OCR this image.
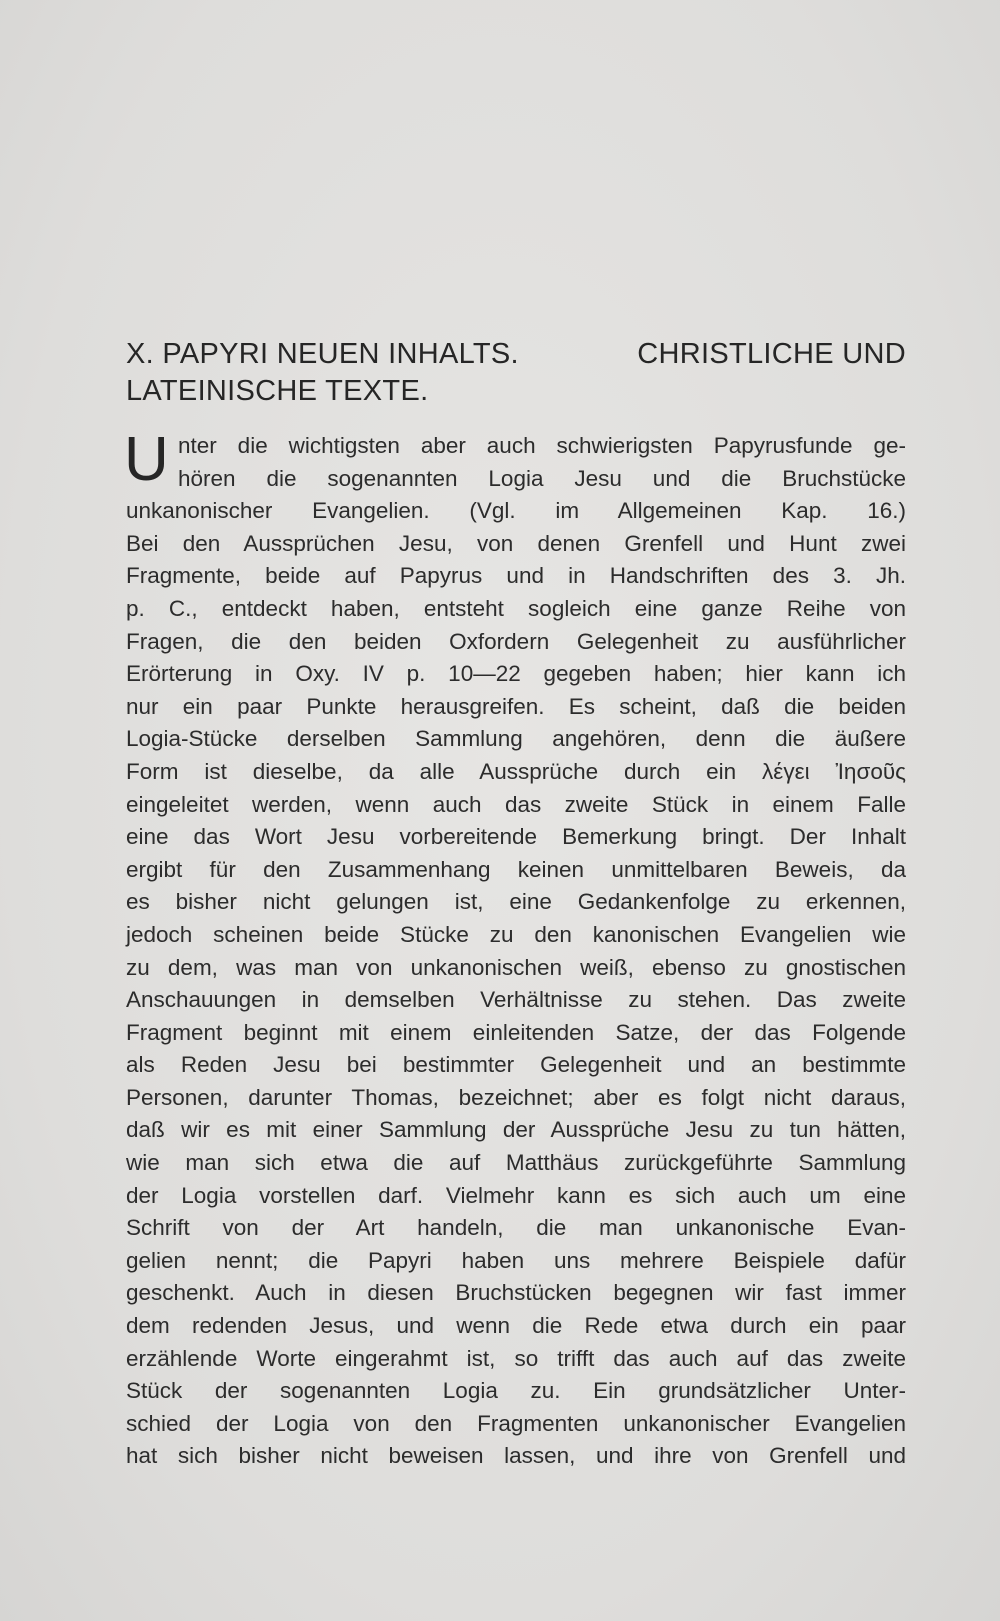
X. PAPYRI NEUEN INHALTS.	CHRISTLICHE UND
LATEINISCHE TEXTE.
U nter die wichtigsten aber auch schwierigsten Papyrusfunde ge-
hören die sogenannten Logia Jesu und die Bruchstücke
unkanonischer Evangelien. (Vgl. im Allgemeinen Kap. 16.)
Bei den Aussprüchen Jesu, von denen Grenfell und Hunt zwei
Fragmente, beide auf Papyrus und in Handschriften des 3. Jh.
p. C., entdeckt haben, entsteht sogleich eine ganze Reihe von
Fragen, die den beiden Oxfordern Gelegenheit zu ausführlicher
Erörterung in Oxy. IV p. 10—22 gegeben haben; hier kann ich
nur ein paar Punkte herausgreifen. Es scheint, daß die beiden
Logia-Stücke derselben Sammlung angehören, denn die äußere
Form ist dieselbe, da alle Aussprüche durch ein λέγει Ἰησοῦς
eingeleitet werden, wenn auch das zweite Stück in einem Falle
eine das Wort Jesu vorbereitende Bemerkung bringt. Der Inhalt
ergibt für den Zusammenhang keinen unmittelbaren Beweis, da
es bisher nicht gelungen ist, eine Gedankenfolge zu erkennen,
jedoch scheinen beide Stücke zu den kanonischen Evangelien wie
zu dem, was man von unkanonischen weiß, ebenso zu gnostischen
Anschauungen in demselben Verhältnisse zu stehen. Das zweite
Fragment beginnt mit einem einleitenden Satze, der das Folgende
als Reden Jesu bei bestimmter Gelegenheit und an bestimmte
Personen, darunter Thomas, bezeichnet; aber es folgt nicht daraus,
daß wir es mit einer Sammlung der Aussprüche Jesu zu tun hätten,
wie man sich etwa die auf Matthäus zurückgeführte Sammlung
der Logia vorstellen darf. Vielmehr kann es sich auch um eine
Schrift von der Art handeln, die man unkanonische Evan-
gelien nennt; die Papyri haben uns mehrere Beispiele dafür
geschenkt. Auch in diesen Bruchstücken begegnen wir fast immer
dem redenden Jesus, und wenn die Rede etwa durch ein paar
erzählende Worte eingerahmt ist, so trifft das auch auf das zweite
Stück der sogenannten Logia zu. Ein grundsätzlicher Unter-
schied der Logia von den Fragmenten unkanonischer Evangelien
hat sich bisher nicht beweisen lassen, und ihre von Grenfell und
